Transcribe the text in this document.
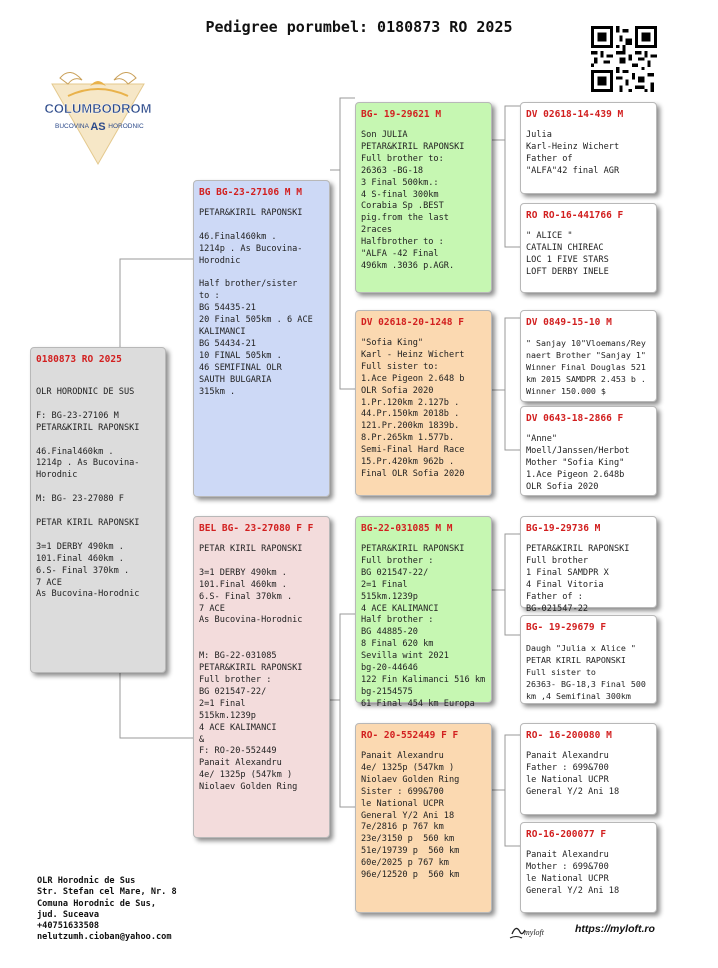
Pedigree porumbel: 0180873 RO 2025
COLUMBODROM
BUCOVINA AS HORODNIC
0180873 RO 2025
OLR HORODNIC DE SUS

F: BG-23-27106 M
PETAR&KIRIL RAPONSKI

46.Final460km .
1214p . As Bucovina-
Horodnic

M: BG- 23-27080 F

PETAR KIRIL RAPONSKI

3=1 DERBY 490km .
101.Final 460km .
6.S- Final 370km .
7 ACE
As Bucovina-Horodnic
BG BG-23-27106 M M
PETAR&KIRIL RAPONSKI

46.Final460km .
1214p . As Bucovina-
Horodnic

Half brother/sister
to :
BG 54435-21
20 Final 505km . 6 ACE
KALIMANCI
BG 54434-21
10 FINAL 505km .
46 SEMIFINAL OLR
SAUTH BULGARIA
315km .
BEL BG- 23-27080 F F
PETAR KIRIL RAPONSKI

3=1 DERBY 490km .
101.Final 460km .
6.S- Final 370km .
7 ACE
As Bucovina-Horodnic

M: BG-22-031085
PETAR&KIRIL RAPONSKI
Full brother :
BG 021547-22/
2=1 Final
515km.1239p
4 ACE KALIMANCI
&
F: RO-20-552449
Panait Alexandru
4e/ 1325p (547km )
Niolaev Golden Ring
BG- 19-29621 M
Son JULIA
PETAR&KIRIL RAPONSKI
Full brother to:
26363 -BG-18
3 Final 500km.:
4 S-final 300km
Corabia Sp .BEST
pig.from the last
2races
Halfbrother to :
"ALFA -42 Final
496km .3036 p.AGR.
DV 02618-20-1248 F
"Sofia King"
Karl - Heinz Wichert
Full sister to:
1.Ace Pigeon 2.648 b
OLR Sofia 2020
1.Pr.120km 2.127b .
44.Pr.150km 2018b .
121.Pr.200km 1839b.
8.Pr.265km 1.577b.
Semi-Final Hard Race
15.Pr.420km 962b .
Final OLR Sofia 2020
BG-22-031085 M M
PETAR&KIRIL RAPONSKI
Full brother :
BG 021547-22/
2=1 Final
515km.1239p
4 ACE KALIMANCI
Half brother :
BG 44885-20
8 Final 620 km
Sevilla wint 2021
bg-20-44646
122 Fin Kalimanci 516 km
bg-2154575
61 Final 454 km Europa
RO- 20-552449 F F
Panait Alexandru
4e/ 1325p (547km )
Niolaev Golden Ring
Sister : 699&700
le National UCPR
General Y/2 Ani 18
7e/2816 p 767 km
23e/3150 p  560 km
51e/19739 p  560 km
60e/2025 p 767 km
96e/12520 p  560 km
DV 02618-14-439 M
Julia
Karl-Heinz Wichert
Father of
"ALFA"42 final AGR
RO RO-16-441766 F
" ALICE "
CATALIN CHIREAC
LOC 1 FIVE STARS
LOFT DERBY INELE
DV 0849-15-10 M
" Sanjay 10"Vloemans/Rey
naert Brother "Sanjay 1"
Winner Final Douglas 521
km 2015 SAMDPR 2.453 b .
Winner 150.000 $
DV 0643-18-2866 F
"Anne"
Moell/Janssen/Herbot
Mother "Sofia King"
1.Ace Pigeon 2.648b
OLR Sofia 2020
BG-19-29736 M
PETAR&KIRIL RAPONSKI
Full brother
1 Final SAMDPR X
4 Final Vitoria
Father of :
BG-021547-22
BG- 19-29679 F
Daugh "Julia x Alice "
PETAR KIRIL RAPONSKI
Full sister to
26363- BG-18,3 Final 500
km ,4 Semifinal 300km
RO- 16-200080 M
Panait Alexandru
Father : 699&700
le National UCPR
General Y/2 Ani 18
RO-16-200077 F
Panait Alexandru
Mother : 699&700
le National UCPR
General Y/2 Ani 18
OLR Horodnic de Sus
Str. Stefan cel Mare, Nr. 8
Comuna Horodnic de Sus,
jud. Suceava
+40751633508
nelutzumh.cioban@yahoo.com	myloft	https://myloft.ro
